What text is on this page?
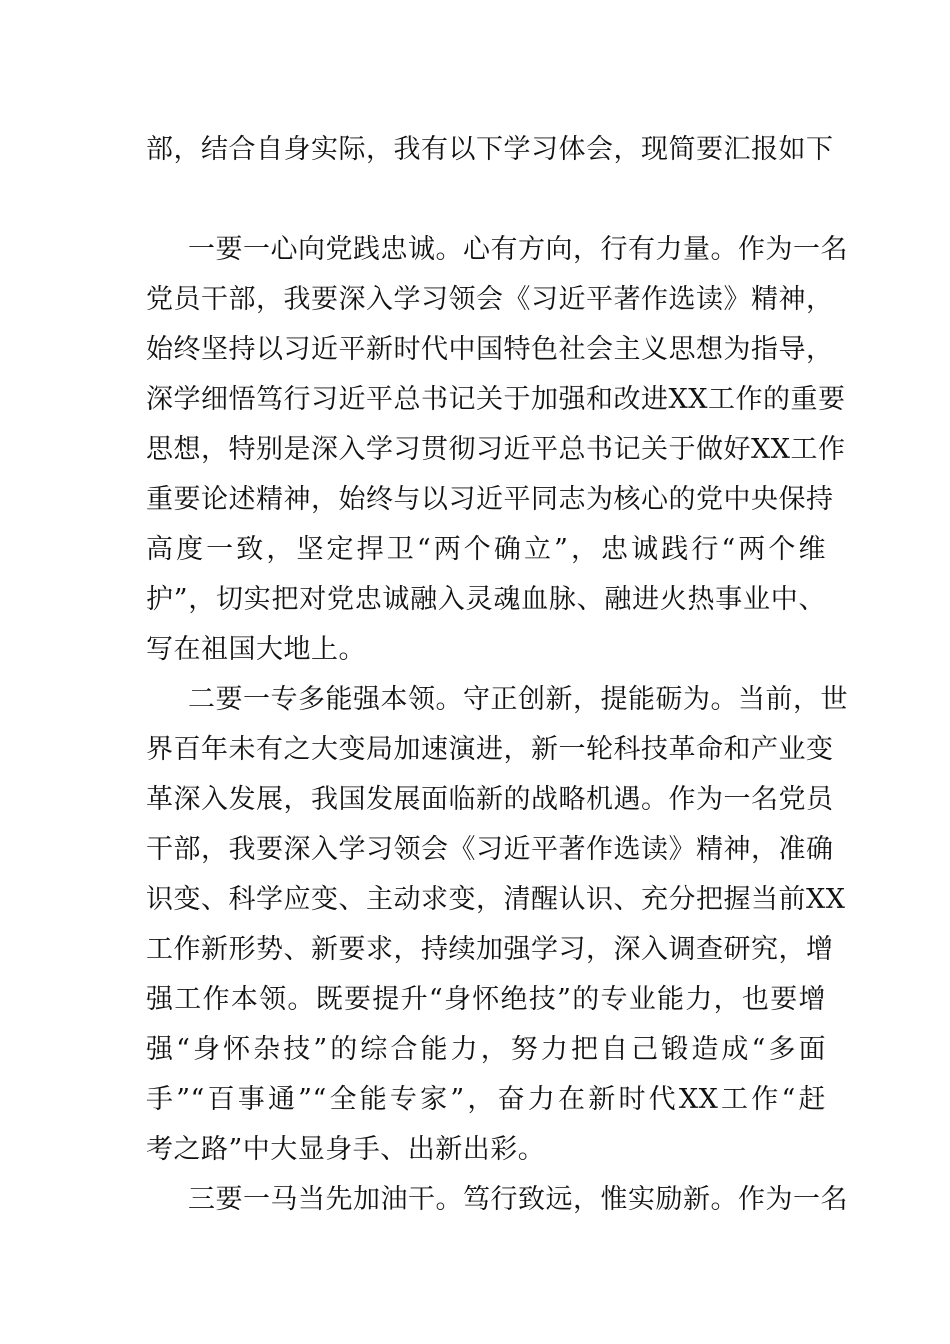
部，结合自身实际，我有以下学习体会，现简要汇报如下
一要一心向党践忠诚。心有方向，行有力量。作为一名
党员干部，我要深入学习领会《习近平著作选读》精神，
始终坚持以习近平新时代中国特色社会主义思想为指导，
深学细悟笃行习近平总书记关于加强和改进XX工作的重要
思想，特别是深入学习贯彻习近平总书记关于做好XX工作
重要论述精神，始终与以习近平同志为核心的党中央保持
高度一致，坚定捍卫“两个确立”，忠诚践行“两个维
护”，切实把对党忠诚融入灵魂血脉、融进火热事业中、
写在祖国大地上。
二要一专多能强本领。守正创新，提能砺为。当前，世
界百年未有之大变局加速演进，新一轮科技革命和产业变
革深入发展，我国发展面临新的战略机遇。作为一名党员
干部，我要深入学习领会《习近平著作选读》精神，准确
识变、科学应变、主动求变，清醒认识、充分把握当前XX
工作新形势、新要求，持续加强学习，深入调查研究，增
强工作本领。既要提升“身怀绝技”的专业能力，也要增
强“身怀杂技”的综合能力，努力把自己锻造成“多面
手”“百事通”“全能专家”，奋力在新时代XX工作“赶
考之路”中大显身手、出新出彩。
三要一马当先加油干。笃行致远，惟实励新。作为一名
